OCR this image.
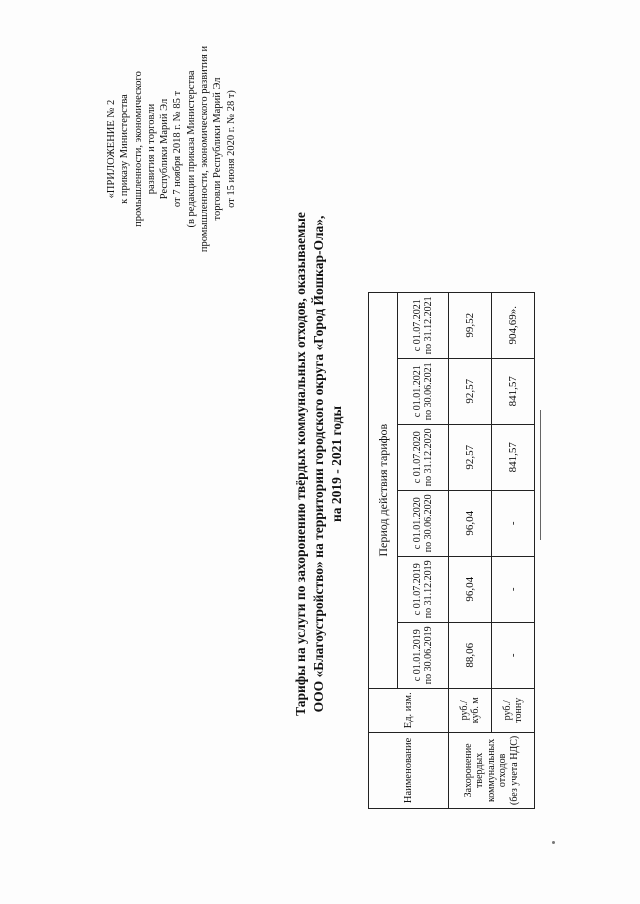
«ПРИЛОЖЕНИЕ № 2 к приказу Министерства промышленности, экономического развития и торговли Республики Марий Эл от 7 ноября 2018 г. № 85 т (в редакции приказа Министерства промышленности, экономического развития и торговли Республики Марий Эл от 15 июня 2020 г. № 28 т)
Тарифы на услуги по захоронению твёрдых коммунальных отходов, оказываемые ООО «Благоустройство» на территории городского округа «Город Йошкар-Ола», на 2019 - 2021 годы
Наименование	Ед. изм.	Период действия тарифов					

		с 01.01.2019 по 30.06.2019	с 01.07.2019 по 31.12.2019	с 01.01.2020 по 30.06.2020	с 01.07.2020 по 31.12.2020	с 01.01.2021 по 30.06.2021	с 01.07.2021 по 31.12.2021

Захоронение твердых коммунальных отходов (без учета НДС)	руб./ куб. м	88,06	96,04	96,04	92,57	92,57	99,52

	руб./ тонну	-	-	-	841,57	841,57	904,69».
